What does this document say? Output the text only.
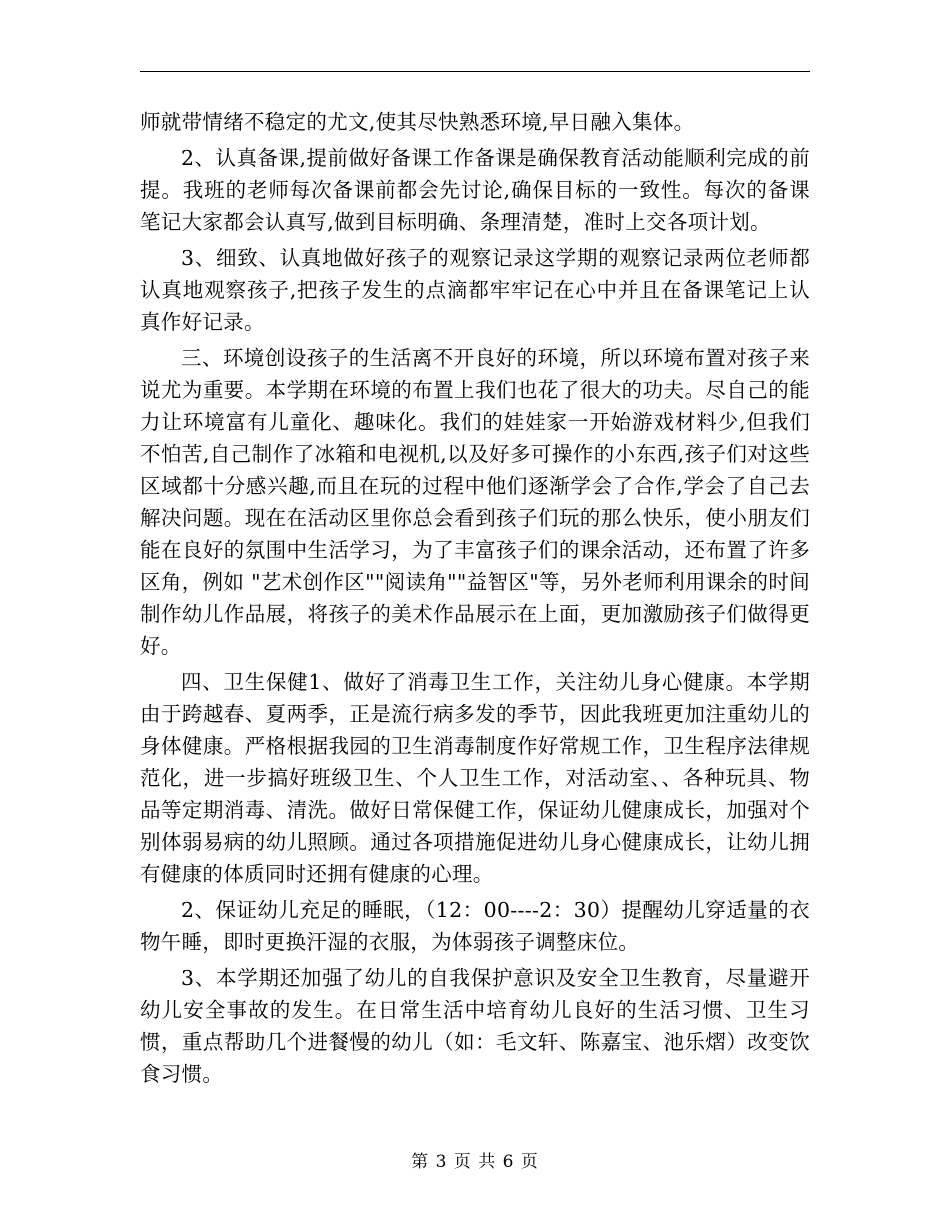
师就带情绪不稳定的尤文,使其尽快熟悉环境,早日融入集体。

2、认真备课,提前做好备课工作备课是确保教育活动能顺利完成的前提。我班的老师每次备课前都会先讨论,确保目标的一致性。每次的备课笔记大家都会认真写,做到目标明确、条理清楚，准时上交各项计划。

3、细致、认真地做好孩子的观察记录这学期的观察记录两位老师都认真地观察孩子,把孩子发生的点滴都牢牢记在心中并且在备课笔记上认真作好记录。

三、环境创设孩子的生活离不开良好的环境，所以环境布置对孩子来说尤为重要。本学期在环境的布置上我们也花了很大的功夫。尽自己的能力让环境富有儿童化、趣味化。我们的娃娃家一开始游戏材料少,但我们不怕苦,自己制作了冰箱和电视机,以及好多可操作的小东西,孩子们对这些区域都十分感兴趣,而且在玩的过程中他们逐渐学会了合作,学会了自己去解决问题。现在在活动区里你总会看到孩子们玩的那么快乐，使小朋友们能在良好的氛围中生活学习，为了丰富孩子们的课余活动，还布置了许多区角，例如 "艺术创作区""阅读角""益智区"等，另外老师利用课余的时间制作幼儿作品展，将孩子的美术作品展示在上面，更加激励孩子们做得更好。

四、卫生保健1、做好了消毒卫生工作，关注幼儿身心健康。本学期由于跨越春、夏两季，正是流行病多发的季节，因此我班更加注重幼儿的身体健康。严格根据我园的卫生消毒制度作好常规工作，卫生程序法律规范化，进一步搞好班级卫生、个人卫生工作，对活动室、、各种玩具、物品等定期消毒、清洗。做好日常保健工作，保证幼儿健康成长，加强对个别体弱易病的幼儿照顾。通过各项措施促进幼儿身心健康成长，让幼儿拥有健康的体质同时还拥有健康的心理。

2、保证幼儿充足的睡眠，（12：00----2：30）提醒幼儿穿适量的衣物午睡，即时更换汗湿的衣服，为体弱孩子调整床位。

3、本学期还加强了幼儿的自我保护意识及安全卫生教育，尽量避开幼儿安全事故的发生。在日常生活中培育幼儿良好的生活习惯、卫生习惯，重点帮助几个进餐慢的幼儿（如：毛文轩、陈嘉宝、池乐熠）改变饮食习惯。

第 3 页 共 6 页
